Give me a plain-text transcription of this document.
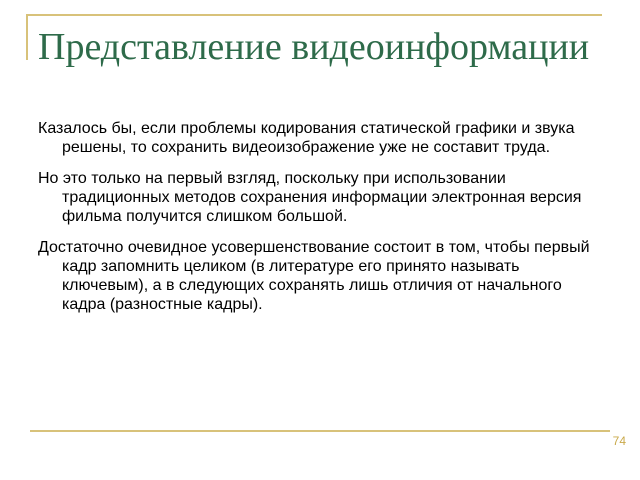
Представление видеоинформации
Казалось бы, если проблемы кодирования статической графики и звука решены, то сохранить видеоизображение уже не составит труда.
Но это только на первый взгляд, поскольку при использовании традиционных методов сохранения информации электронная версия фильма получится слишком большой.
Достаточно очевидное усовершенствование состоит в том, чтобы первый кадр запомнить целиком (в литературе его принято называть ключевым), а в следующих сохранять лишь отличия от начального кадра (разностные кадры).
74
